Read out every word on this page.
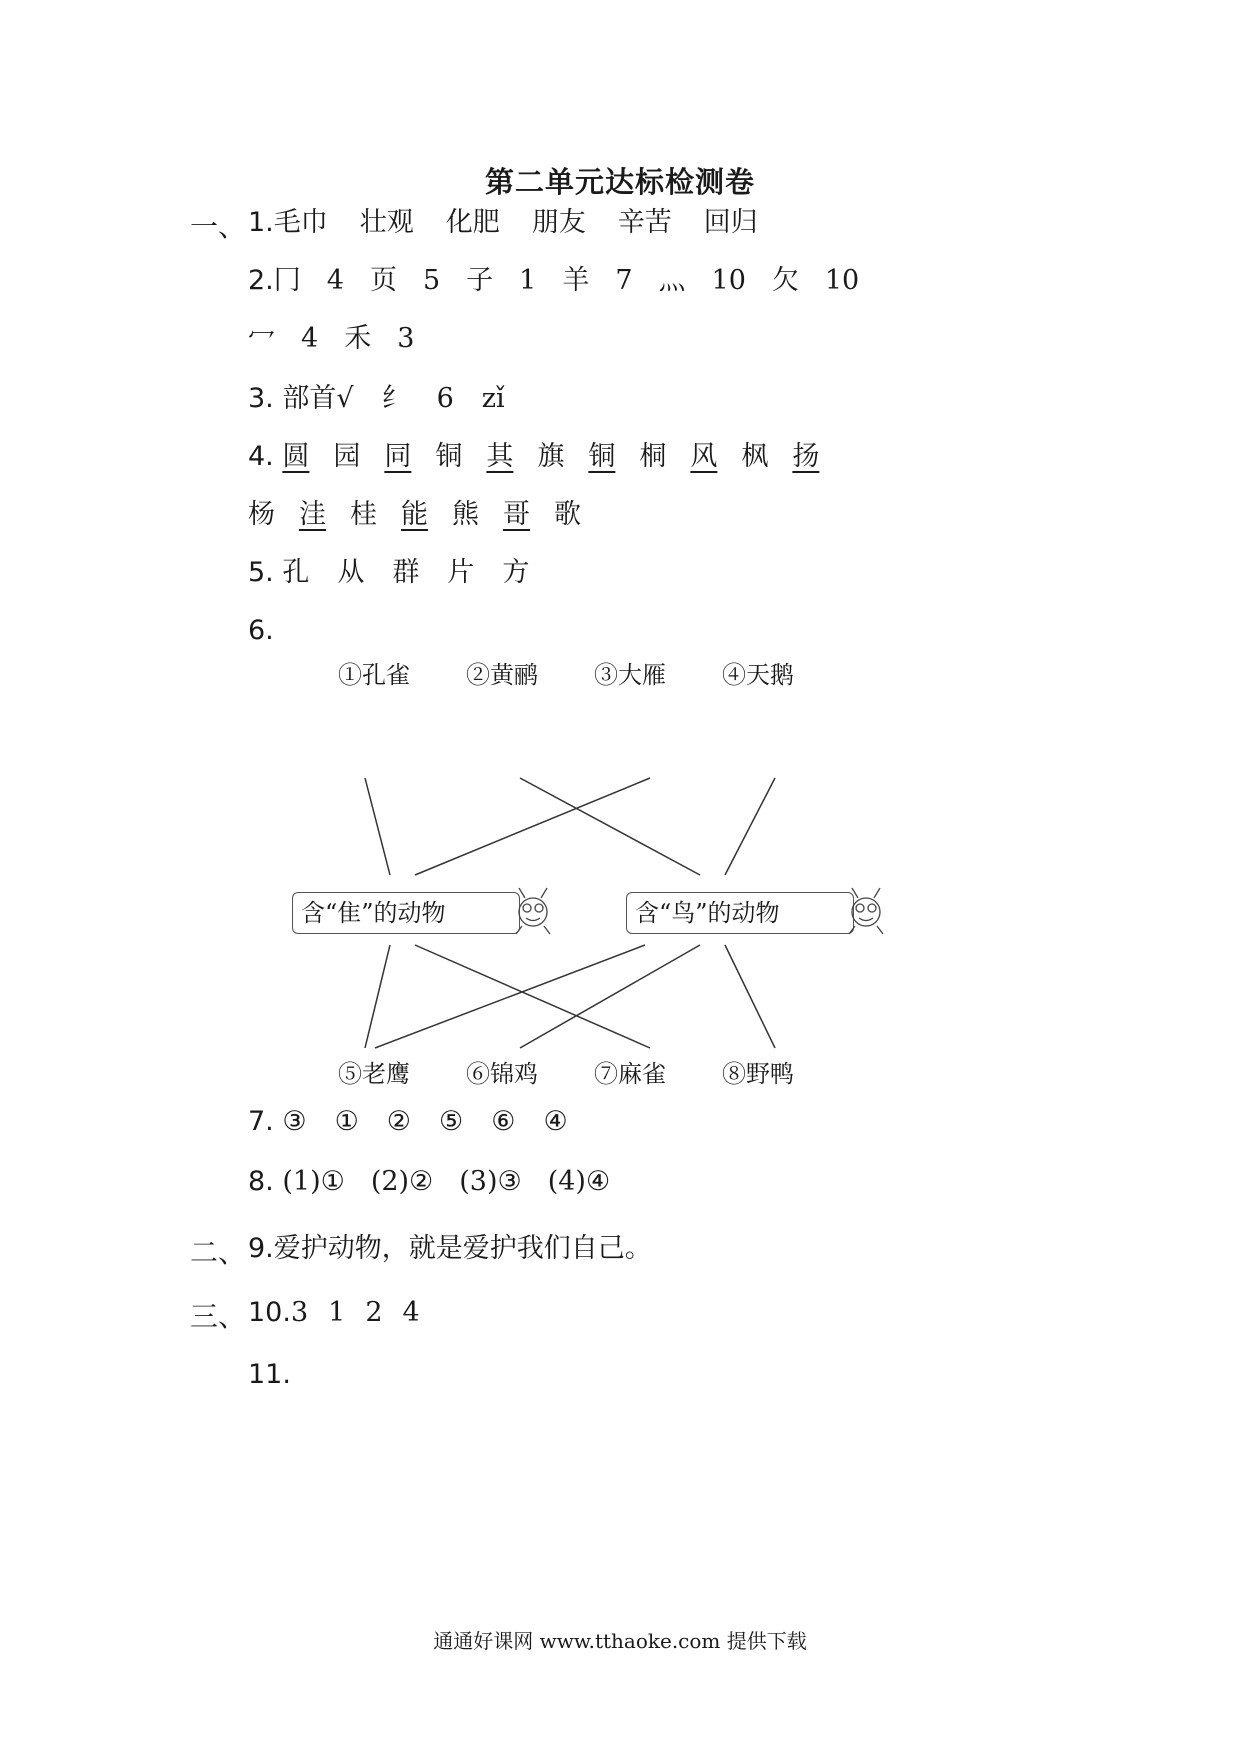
第二单元达标检测卷
一、 1.毛巾 壮观 化肥 朋友 辛苦 回归
2.冂 4 页 5 子 1 羊 7 灬 10 欠 10
冖 4 禾 3
3. 部首√ 纟 6 zǐ
4. 圆 园 同 铜 其 旗 铜 桐 风 枫 扬
杨 洼 桂 能 熊 哥 歌
5. 孔 从 群 片 方
6.
①孔雀 ②黄鹂 ③大雁 ④天鹅
含“隹”的动物	含“鸟”的动物
⑤老鹰 ⑥锦鸡 ⑦麻雀 ⑧野鸭
7. ③ ① ② ⑤ ⑥ ④
8. (1)① (2)② (3)③ (4)④
二、 9.爱护动物，就是爱护我们自己。
三、 10.3 1 2 4
11.
通通好课网 www.tthaoke.com 提供下载
